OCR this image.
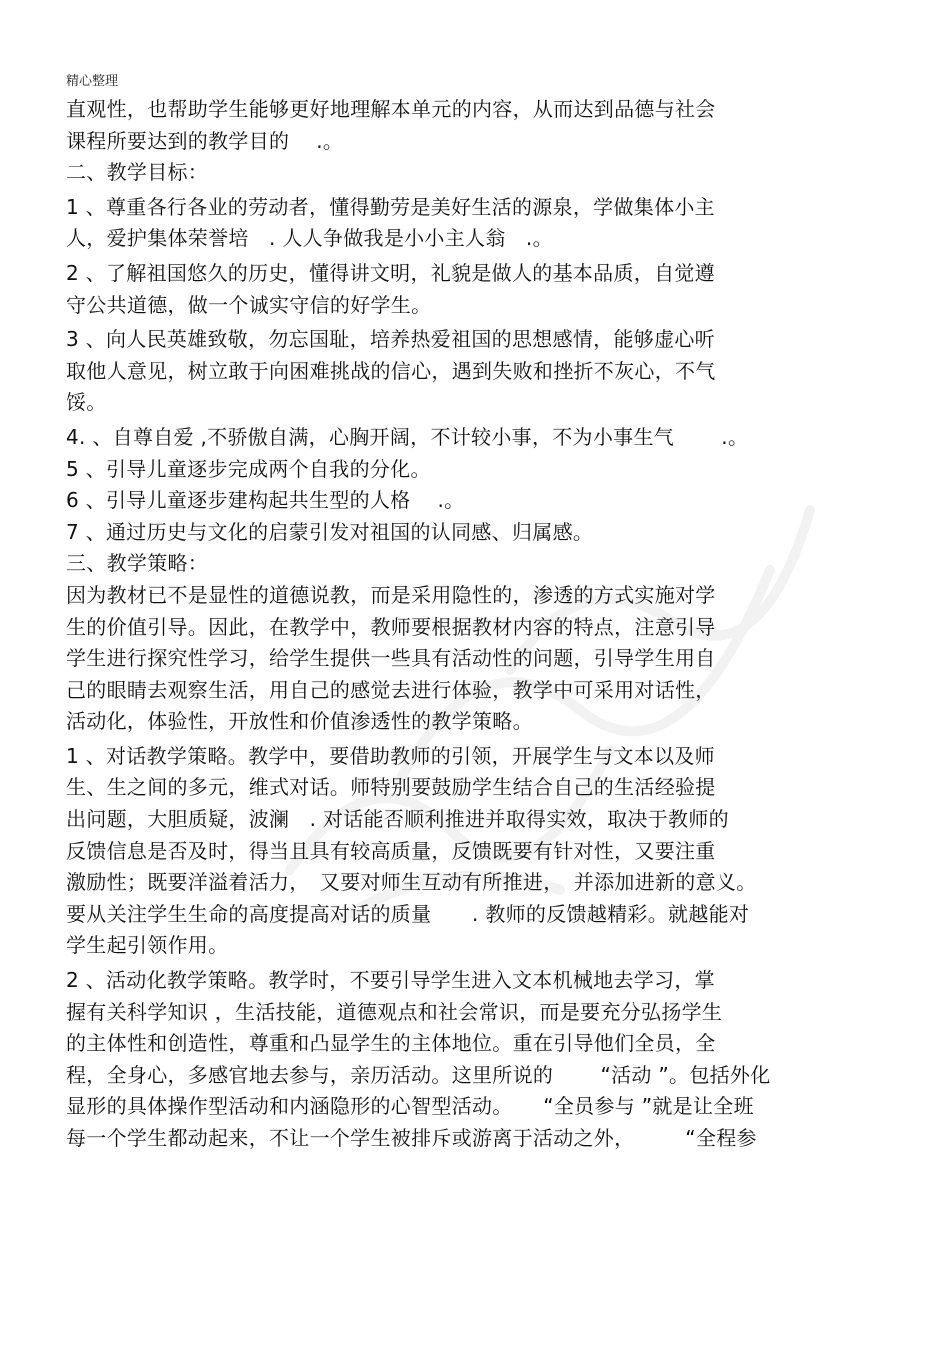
精心整理
直观性，也帮助学生能够更好地理解本单元的内容，从而达到品德与社会
课程所要达到的教学目的　 .。
二、教学目标：
1 、尊重各行各业的劳动者，懂得勤劳是美好生活的源泉，学做集体小主
人，爱护集体荣誉培　. 人人争做我是小小主人翁　.。
2 、了解祖国悠久的历史，懂得讲文明，礼貌是做人的基本品质，自觉遵
守公共道德，做一个诚实守信的好学生。
3 、向人民英雄致敬，勿忘国耻，培养热爱祖国的思想感情，能够虚心听
取他人意见，树立敢于向困难挑战的信心，遇到失败和挫折不灰心，不气
馁。
4. 、自尊自爱 ,不骄傲自满，心胸开阔，不计较小事，不为小事生气　　 .。
5 、引导儿童逐步完成两个自我的分化。
6 、引导儿童逐步建构起共生型的人格　 .。
7 、通过历史与文化的启蒙引发对祖国的认同感、归属感。
三、教学策略：
因为教材已不是显性的道德说教，而是采用隐性的，渗透的方式实施对学
生的价值引导。因此，在教学中，教师要根据教材内容的特点，注意引导
学生进行探究性学习，给学生提供一些具有活动性的问题，引导学生用自
己的眼睛去观察生活，用自己的感觉去进行体验，教学中可采用对话性，
活动化，体验性，开放性和价值渗透性的教学策略。
1 、对话教学策略。教学中，要借助教师的引领，开展学生与文本以及师
生、生之间的多元，维式对话。师特别要鼓励学生结合自己的生活经验提
出问题，大胆质疑，波澜　. 对话能否顺利推进并取得实效，取决于教师的
反馈信息是否及时，得当且具有较高质量，反馈既要有针对性，又要注重
激励性；既要洋溢着活力，　又要对师生互动有所推进，　并添加进新的意义。
要从关注学生生命的高度提高对话的质量　　. 教师的反馈越精彩。就越能对
学生起引领作用。
2 、活动化教学策略。教学时，不要引导学生进入文本机械地去学习，掌
握有关科学知识 ，生活技能，道德观点和社会常识，而是要充分弘扬学生
的主体性和创造性，尊重和凸显学生的主体地位。重在引导他们全员，全
程，全身心，多感官地去参与，亲历活动。这里所说的　　 “活动 ”。包括外化
显形的具体操作型活动和内涵隐形的心智型活动。　　“全员参与 ”就是让全班
每一个学生都动起来，不让一个学生被排斥或游离于活动之外，　　　“全程参
